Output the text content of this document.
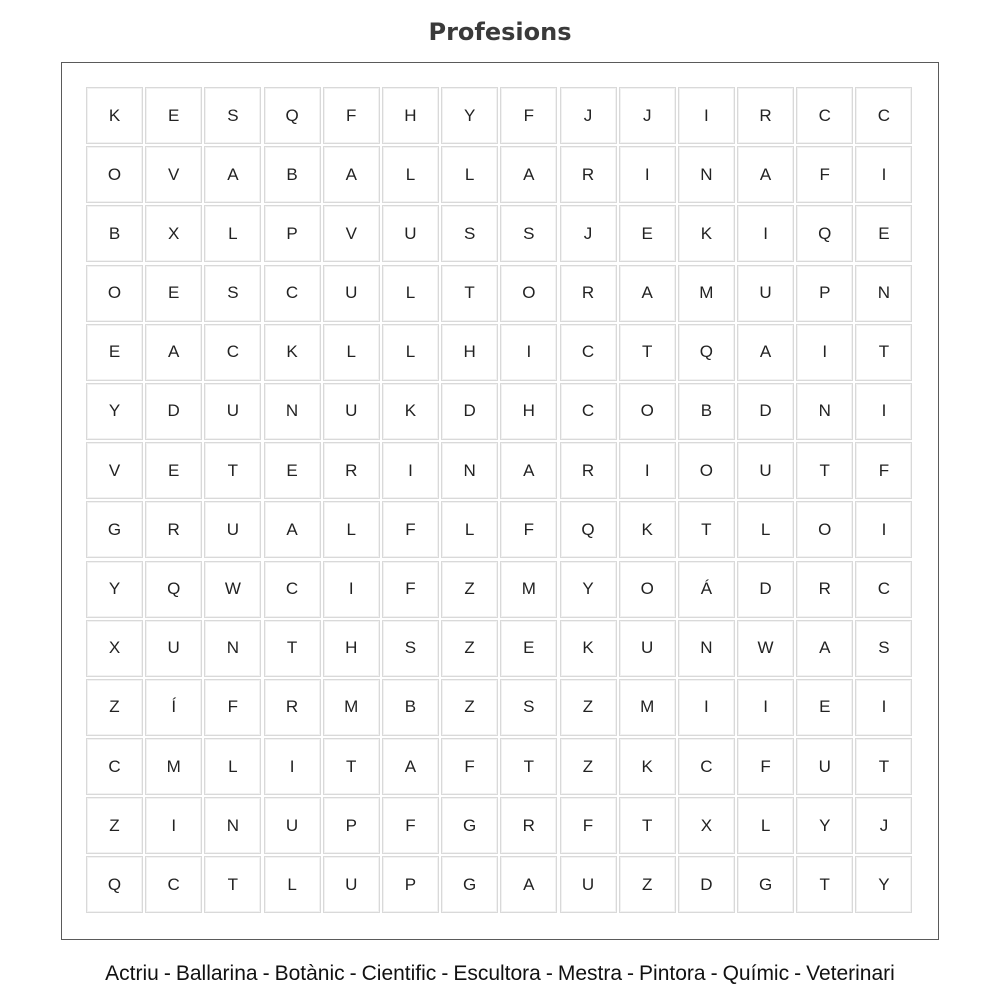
Profesions
K	E	S	Q	F	H	Y	F	J	J	I	R	C	C
O	V	A	B	A	L	L	A	R	I	N	A	F	I
B	X	L	P	V	U	S	S	J	E	K	I	Q	E
O	E	S	C	U	L	T	O	R	A	M	U	P	N
E	A	C	K	L	L	H	I	C	T	Q	A	I	T
Y	D	U	N	U	K	D	H	C	O	B	D	N	I
V	E	T	E	R	I	N	A	R	I	O	U	T	F
G	R	U	A	L	F	L	F	Q	K	T	L	O	I
Y	Q	W	C	I	F	Z	M	Y	O	Á	D	R	C
X	U	N	T	H	S	Z	E	K	U	N	W	A	S
Z	Í	F	R	M	B	Z	S	Z	M	I	I	E	I
C	M	L	I	T	A	F	T	Z	K	C	F	U	T
Z	I	N	U	P	F	G	R	F	T	X	L	Y	J
Q	C	T	L	U	P	G	A	U	Z	D	G	T	Y
Actriu - Ballarina - Botànic - Cientific - Escultora - Mestra - Pintora - Químic - Veterinari
